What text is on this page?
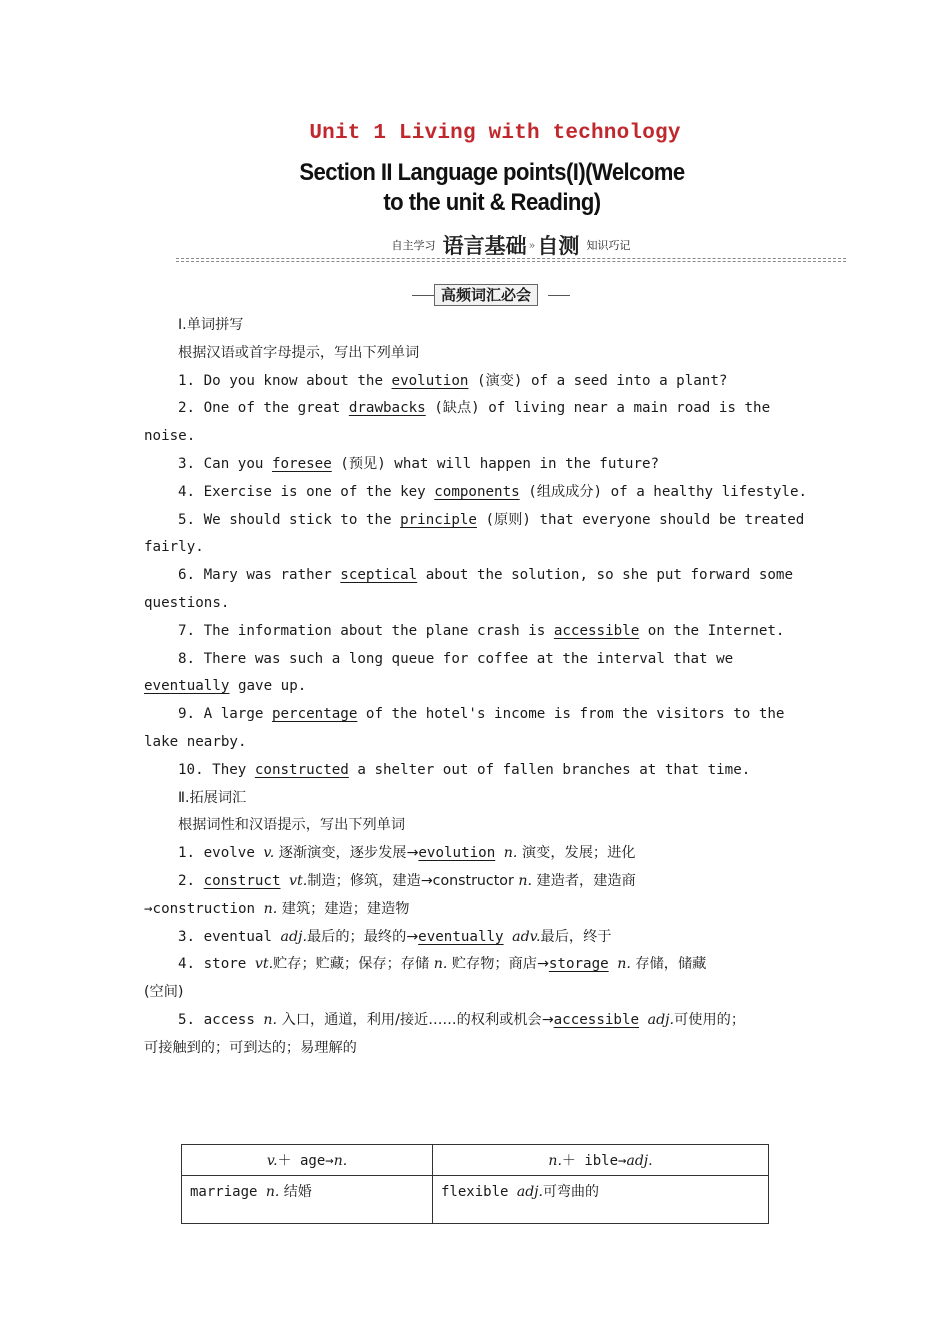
Unit 1 Living with technology
Section II Language points(I)(Welcome
to the unit & Reading)
$^{自主学习}$ 语言基础 »自测 $^{知识巧记}$
高频词汇必会

Ⅰ.单词拼写

根据汉语或首字母提示，写出下列单词

1. Do you know about the evolution (演变) of a seed into a plant?

2. One of the great drawbacks (缺点) of living near a main road is the

noise.

3. Can you foresee (预见) what will happen in the future?

4. Exercise is one of the key components (组成成分) of a healthy lifestyle.

5. We should stick to the principle (原则) that everyone should be treated

fairly.

6. Mary was rather sceptical about the solution, so she put forward some

questions.

7. The information about the plane crash is accessible on the Internet.

8. There was such a long queue for coffee at the interval that we

eventually gave up.

9. A large percentage of the hotel's income is from the visitors to the

lake nearby.

10. They constructed a shelter out of fallen branches at that time.

Ⅱ.拓展词汇

根据词性和汉语提示，写出下列单词

1. evolve v. 逐渐演变，逐步发展→evolution n. 演变，发展；进化

2. construct vt.制造；修筑，建造→constructor n. 建造者，建造商

→construction n. 建筑；建造；建造物

3. eventual adj.最后的；最终的→eventually adv.最后，终于

4. store vt.贮存；贮藏；保存；存储 n. 贮存物；商店→storage n. 存储，储藏

(空间)

5. access n. 入口，通道，利用/接近……的权利或机会→accessible adj.可使用的；

可接触到的；可到达的；易理解的

v.＋ age→n.	n.＋ ible→adj.
marriage n. 结婚	flexible adj.可弯曲的
